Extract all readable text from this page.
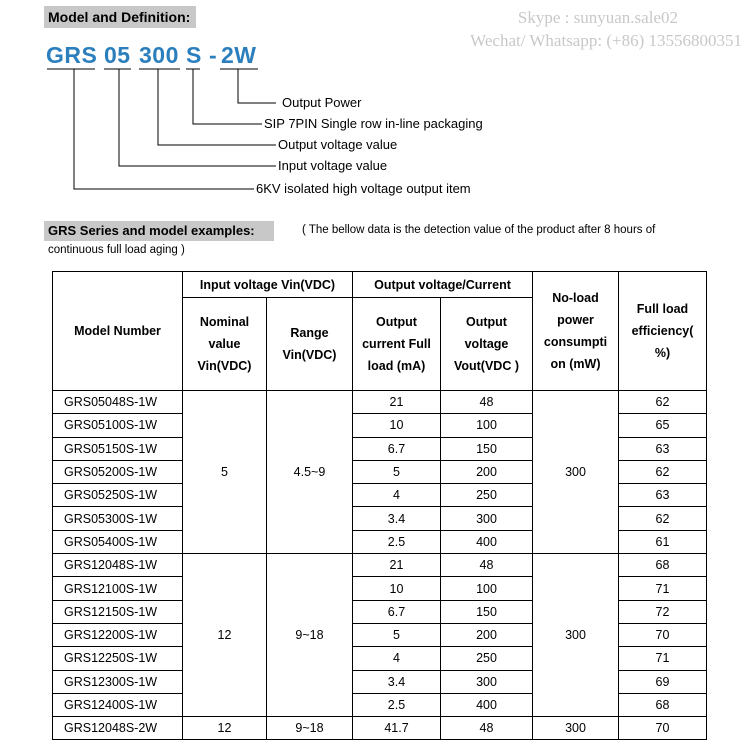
Model and Definition:	Skype : sunyuan.sale02
Wechat/ Whatsapp: (+86) 13556800351
GRS 05 300 S - 2W
Output Power
SIP 7PIN Single row in-line packaging
Output voltage value
Input voltage value
6KV isolated high voltage output item
GRS Series and model examples:	( The bellow data is the detection value of the product after 8 hours of
continuous full load aging )
Model Number	Input voltage Vin(VDC)		Output voltage/Current		No-load power consumpti on (mW)	Full load efficiency( %)
	Nominal value Vin(VDC)	Range Vin(VDC)	Output current Full load (mA)	Output voltage Vout(VDC )		
GRS05048S-1W	5	4.5~9	21	48	300	62
GRS05100S-1W			10	100		65
GRS05150S-1W			6.7	150		63
GRS05200S-1W			5	200		62
GRS05250S-1W			4	250		63
GRS05300S-1W			3.4	300		62
GRS05400S-1W			2.5	400		61
GRS12048S-1W	12	9~18	21	48	300	68
GRS12100S-1W			10	100		71
GRS12150S-1W			6.7	150		72
GRS12200S-1W			5	200		70
GRS12250S-1W			4	250		71
GRS12300S-1W			3.4	300		69
GRS12400S-1W			2.5	400		68
GRS12048S-2W	12	9~18	41.7	48	300	70
